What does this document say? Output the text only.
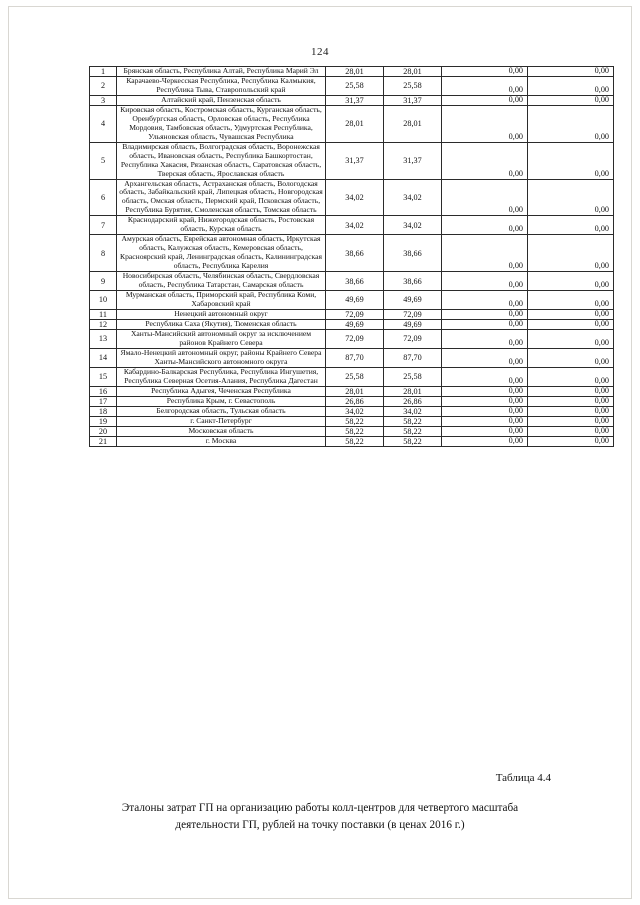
124
1	Брянская область, Республика Алтай, Республика Марий Эл	28,01	28,01	0,00	0,00

2	Карачаево-Черкесская Республика, Республика Калмыкия, Республика Тыва, Ставропольский край	25,58	25,58	0,00	0,00

3	Алтайский край, Пензенская область	31,37	31,37	0,00	0,00

4	Кировская область, Костромская область, Курганская область, Оренбургская область, Орловская область, Республика Мордовия, Тамбовская область, Удмуртская Республика, Ульяновская область, Чувашская Республика	28,01	28,01	0,00	0,00

5	Владимирская область, Волгоградская область, Воронежская область, Ивановская область, Республика Башкортостан, Республика Хакасия, Рязанская область, Саратовская область, Тверская область, Ярославская область	31,37	31,37	0,00	0,00

6	Архангельская область, Астраханская область, Вологодская область, Забайкальский край, Липецкая область, Новгородская область, Омская область, Пермский край, Псковская область, Республика Бурятия, Смоленская область, Томская область	34,02	34,02	0,00	0,00

7	Краснодарский край, Нижегородская область, Ростовская область, Курская область	34,02	34,02	0,00	0,00

8	Амурская область, Еврейская автономная область, Иркутская область, Калужская область, Кемеровская область, Красноярский край, Ленинградская область, Калининградская область, Республика Карелия	38,66	38,66	0,00	0,00

9	Новосибирская область, Челябинская область, Свердловская область, Республика Татарстан, Самарская область	38,66	38,66	0,00	0,00

10	Мурманская область, Приморский край, Республика Коми, Хабаровский край	49,69	49,69	0,00	0,00

11	Ненецкий автономный округ	72,09	72,09	0,00	0,00

12	Республика Саха (Якутия), Тюменская область	49,69	49,69	0,00	0,00

13	Ханты-Мансийский автономный округ за исключением районов Крайнего Севера	72,09	72,09	0,00	0,00

14	Ямало-Ненецкий автономный округ, районы Крайнего Севера Ханты-Мансийского автономного округа	87,70	87,70	0,00	0,00

15	Кабардино-Балкарская Республика, Республика Ингушетия, Республика Северная Осетия-Алания, Республика Дагестан	25,58	25,58	0,00	0,00

16	Республика Адыгея, Чеченская Республика	28,01	28,01	0,00	0,00

17	Республика Крым, г. Севастополь	26,86	26,86	0,00	0,00

18	Белгородская область, Тульская область	34,02	34,02	0,00	0,00

19	г. Санкт-Петербург	58,22	58,22	0,00	0,00

20	Московская область	58,22	58,22	0,00	0,00

21	г. Москва	58,22	58,22	0,00	0,00
Таблица 4.4
Эталоны затрат ГП на организацию работы колл-центров для четвертого масштаба деятельности ГП, рублей на точку поставки (в ценах 2016 г.)
